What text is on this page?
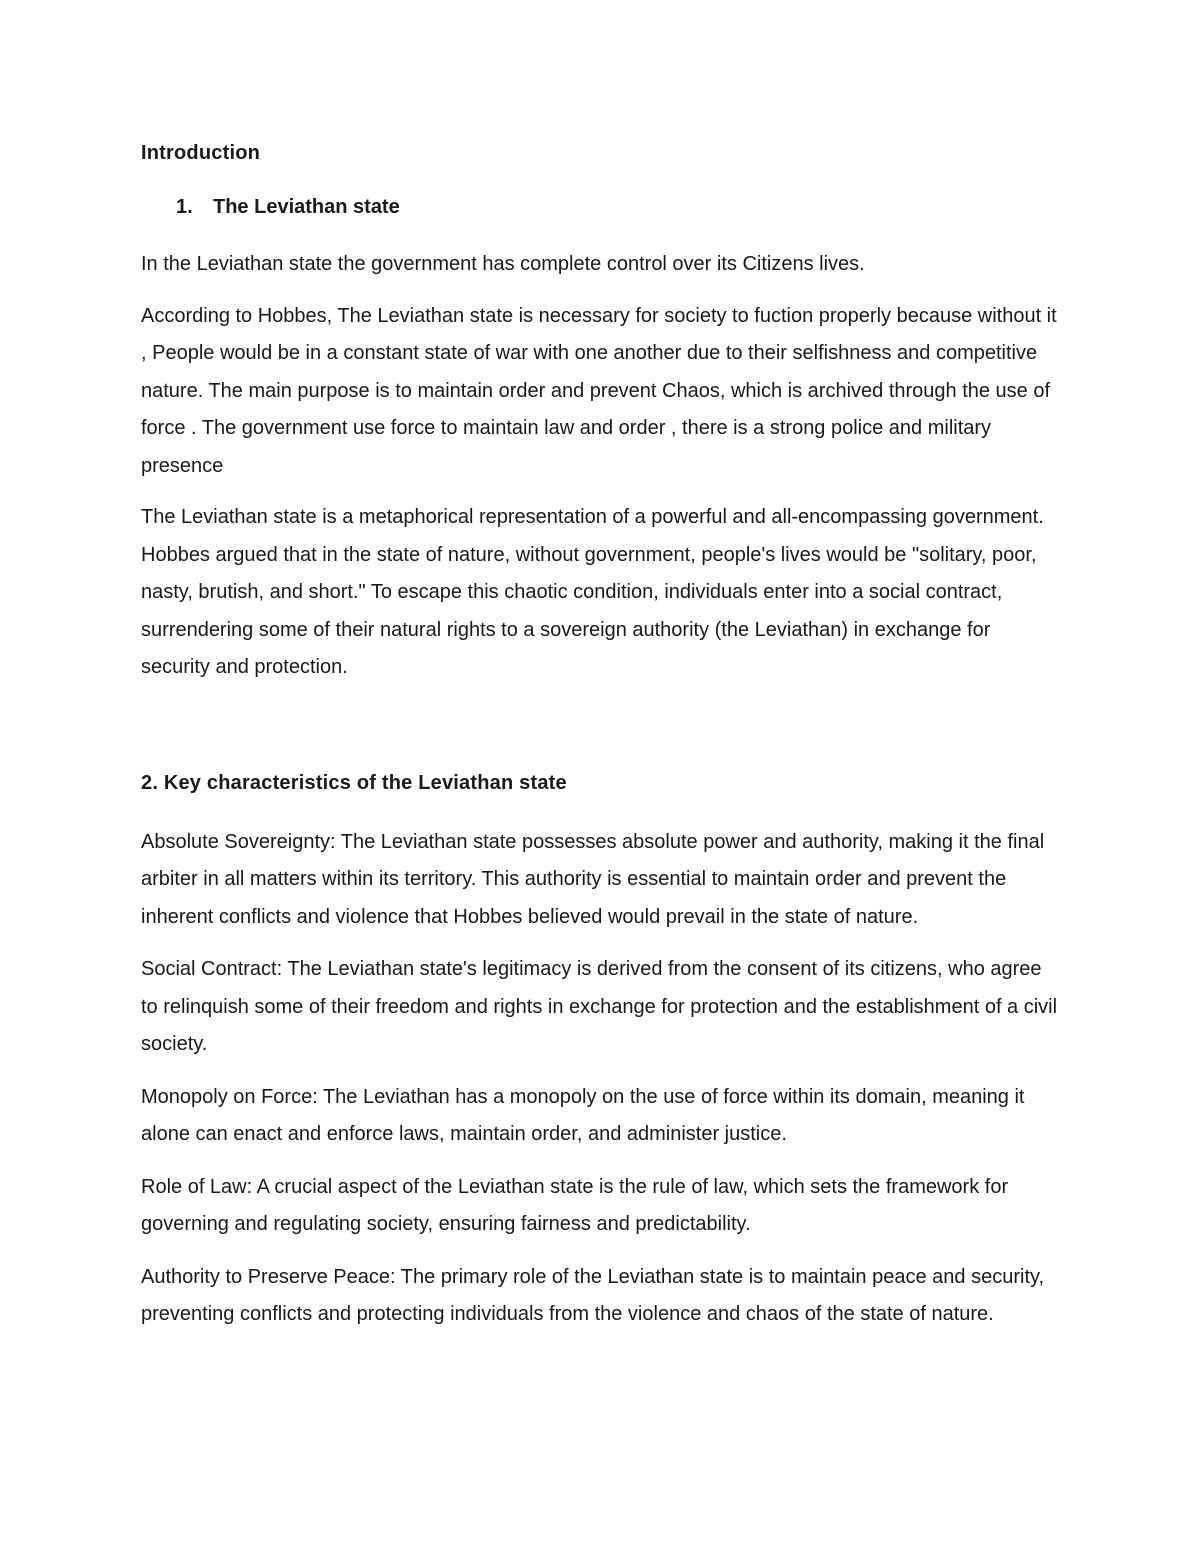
Introduction
1.	The Leviathan state

In the Leviathan state the government has complete control over its Citizens lives.

According to Hobbes, The Leviathan state is necessary for society to fuction properly because without it , People would be in a constant state of war with one another due to their selfishness and competitive nature. The main purpose is to maintain order and prevent Chaos, which is archived through the use of force . The government use force to maintain law and order , there is a strong police and military presence

The Leviathan state is a metaphorical representation of a powerful and all-encompassing government. Hobbes argued that in the state of nature, without government, people's lives would be "solitary, poor, nasty, brutish, and short." To escape this chaotic condition, individuals enter into a social contract, surrendering some of their natural rights to a sovereign authority (the Leviathan) in exchange for security and protection.

2. Key characteristics of the Leviathan state

Absolute Sovereignty: The Leviathan state possesses absolute power and authority, making it the final arbiter in all matters within its territory. This authority is essential to maintain order and prevent the inherent conflicts and violence that Hobbes believed would prevail in the state of nature.

Social Contract: The Leviathan state's legitimacy is derived from the consent of its citizens, who agree to relinquish some of their freedom and rights in exchange for protection and the establishment of a civil society.

Monopoly on Force: The Leviathan has a monopoly on the use of force within its domain, meaning it alone can enact and enforce laws, maintain order, and administer justice.

Role of Law: A crucial aspect of the Leviathan state is the rule of law, which sets the framework for governing and regulating society, ensuring fairness and predictability.

Authority to Preserve Peace: The primary role of the Leviathan state is to maintain peace and security, preventing conflicts and protecting individuals from the violence and chaos of the state of nature.
